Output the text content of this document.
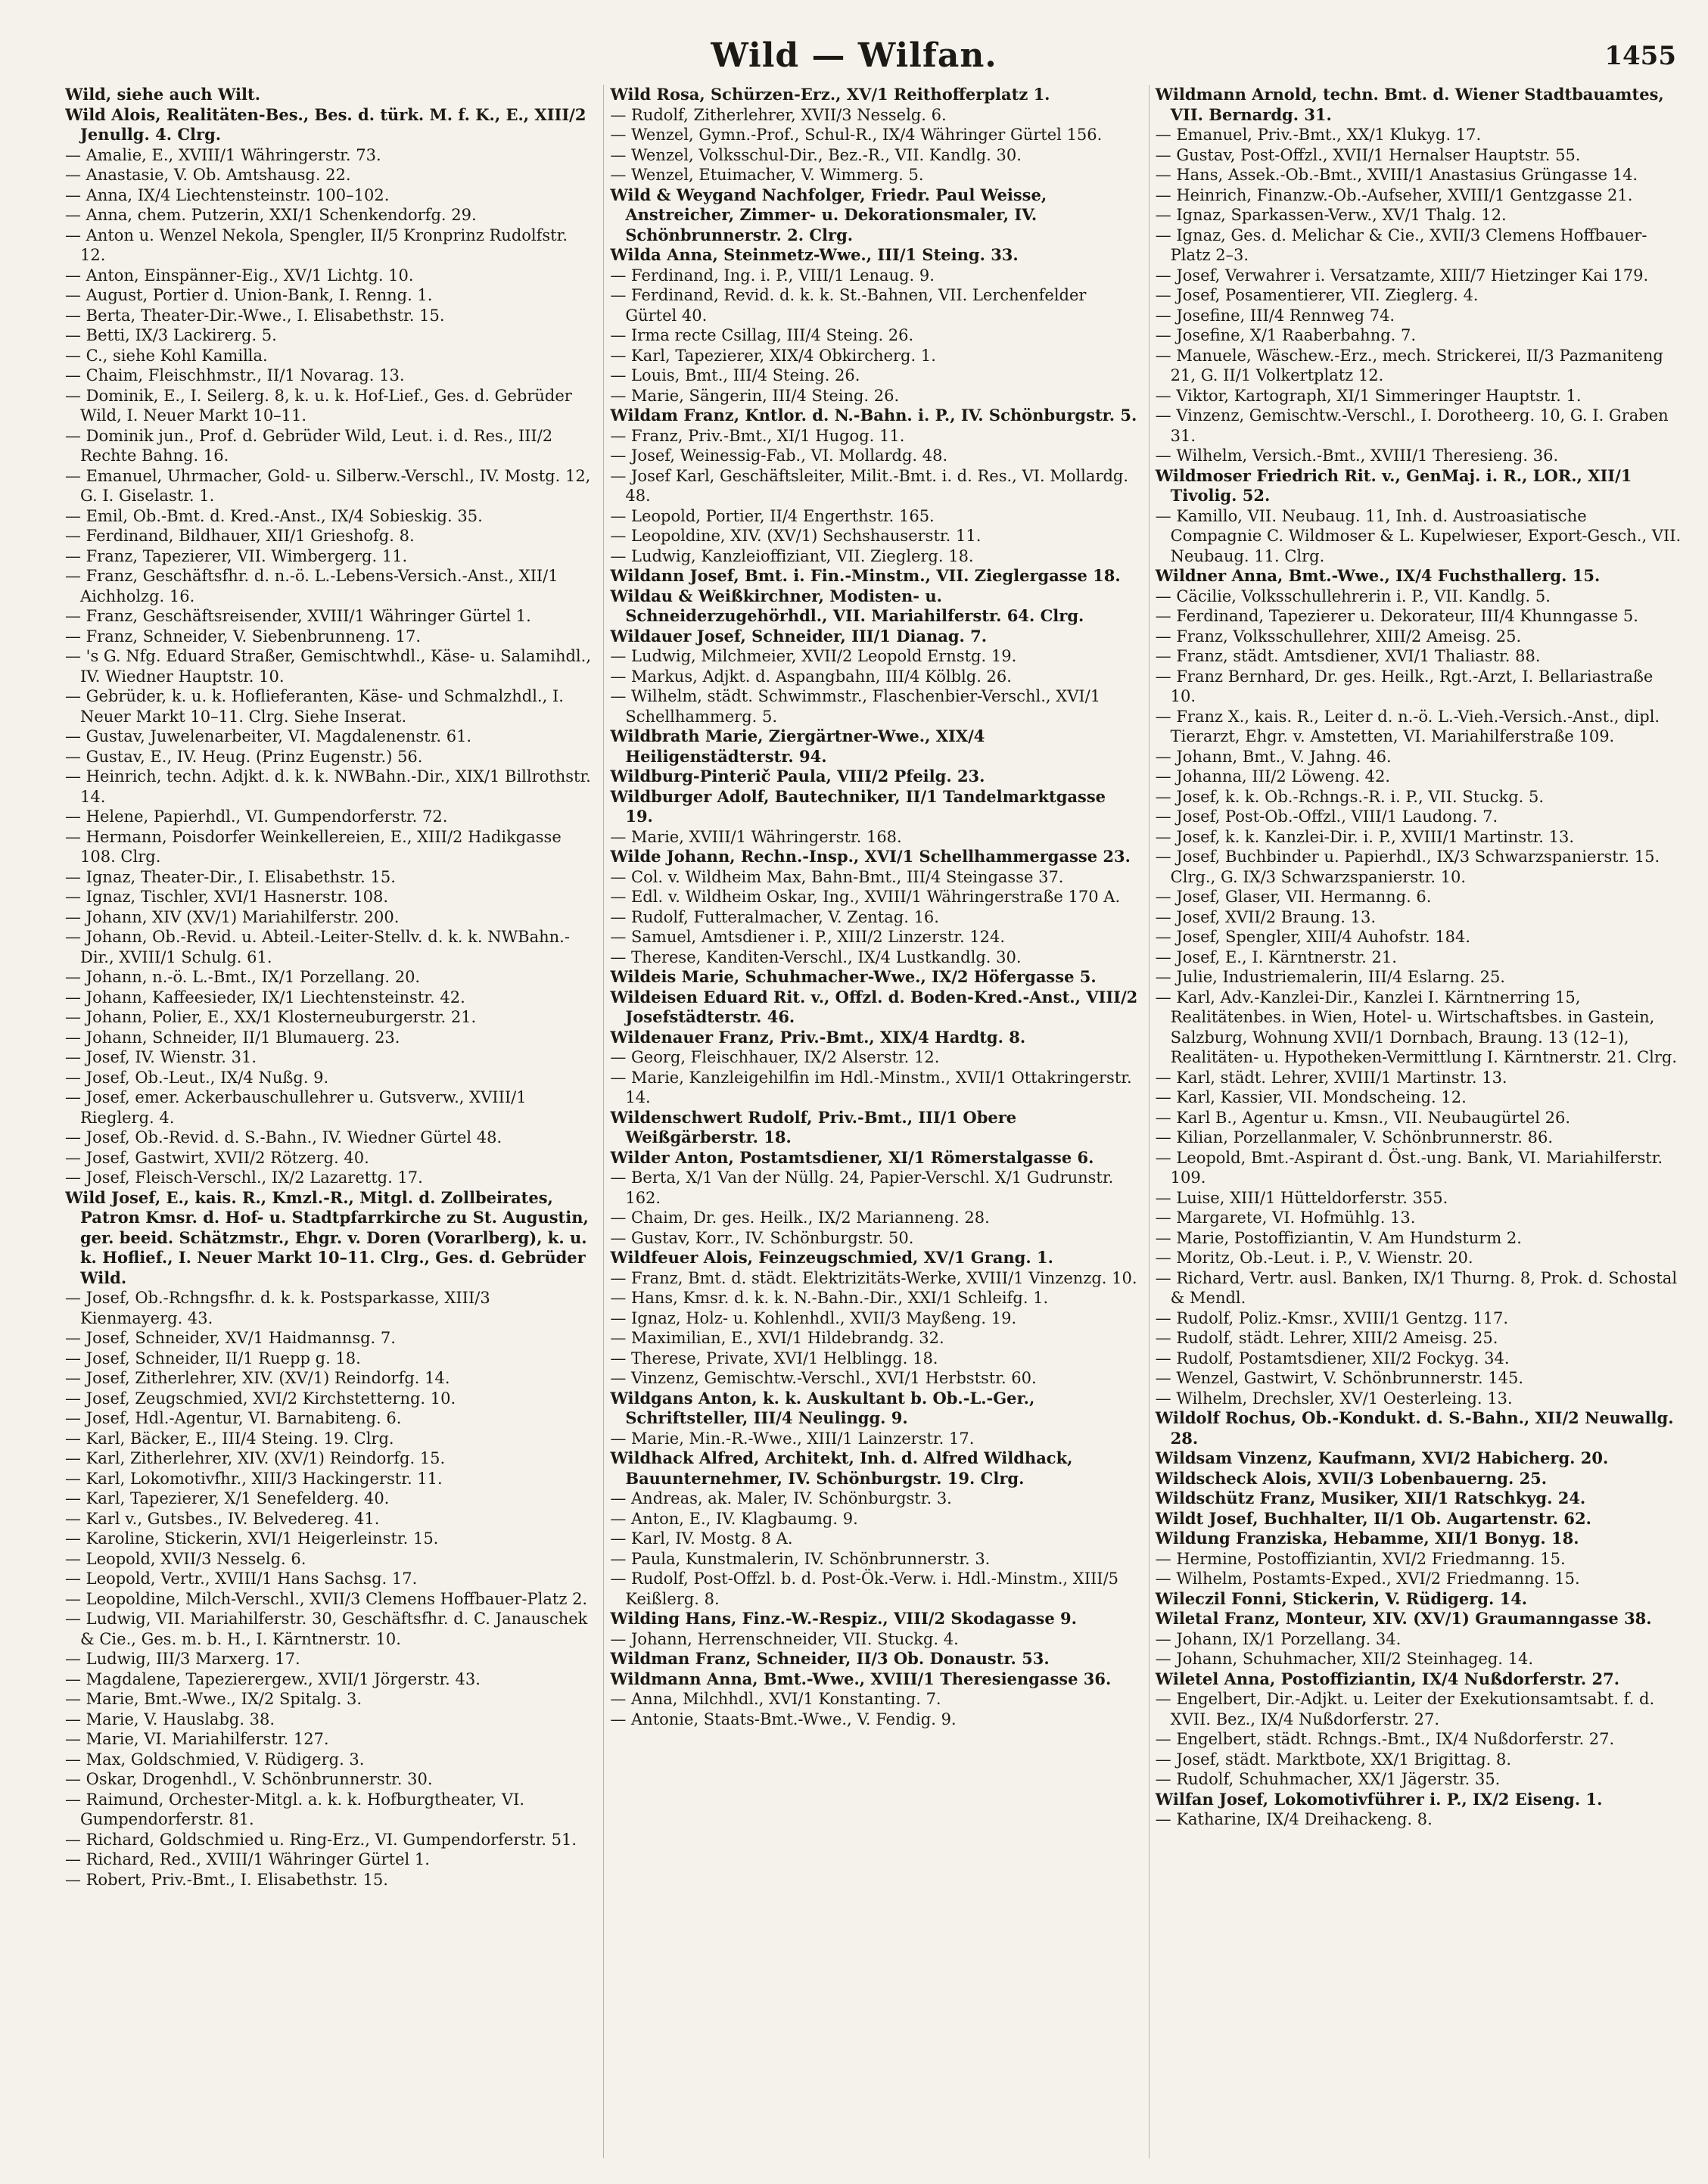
Wild — Wilfan.	1455

Wild, siehe auch Wilt.

Wild Alois, Realitäten-Bes., Bes. d. türk. M. f. K., E., XIII/2 Jenullg. 4. Clrg.

— Amalie, E., XVIII/1 Währingerstr. 73.

— Anastasie, V. Ob. Amtshausg. 22.

— Anna, IX/4 Liechtensteinstr. 100–102.

— Anna, chem. Putzerin, XXI/1 Schenkendorfg. 29.

— Anton u. Wenzel Nekola, Spengler, II/5 Kronprinz Rudolfstr. 12.

— Anton, Einspänner-Eig., XV/1 Lichtg. 10.

— August, Portier d. Union-Bank, I. Renng. 1.

— Berta, Theater-Dir.-Wwe., I. Elisabethstr. 15.

— Betti, IX/3 Lackirerg. 5.

— C., siehe Kohl Kamilla.

— Chaim, Fleischhmstr., II/1 Novarag. 13.

— Dominik, E., I. Seilerg. 8, k. u. k. Hof-Lief., Ges. d. Gebrüder Wild, I. Neuer Markt 10–11.

— Dominik jun., Prof. d. Gebrüder Wild, Leut. i. d. Res., III/2 Rechte Bahng. 16.

— Emanuel, Uhrmacher, Gold- u. Silberw.-Verschl., IV. Mostg. 12, G. I. Giselastr. 1.

— Emil, Ob.-Bmt. d. Kred.-Anst., IX/4 Sobieskig. 35.

— Ferdinand, Bildhauer, XII/1 Grieshofg. 8.

— Franz, Tapezierer, VII. Wimbergerg. 11.

— Franz, Geschäftsfhr. d. n.-ö. L.-Lebens-Versich.-Anst., XII/1 Aichholzg. 16.

— Franz, Geschäftsreisender, XVIII/1 Währinger Gürtel 1.

— Franz, Schneider, V. Siebenbrunneng. 17.

— 's G. Nfg. Eduard Straßer, Gemischtwhdl., Käse- u. Salamihdl., IV. Wiedner Hauptstr. 10.

— Gebrüder, k. u. k. Hoflieferanten, Käse- und Schmalzhdl., I. Neuer Markt 10–11. Clrg. Siehe Inserat.

— Gustav, Juwelenarbeiter, VI. Magdalenenstr. 61.

— Gustav, E., IV. Heug. (Prinz Eugenstr.) 56.

— Heinrich, techn. Adjkt. d. k. k. NWBahn.-Dir., XIX/1 Billrothstr. 14.

— Helene, Papierhdl., VI. Gumpendorferstr. 72.

— Hermann, Poisdorfer Weinkellereien, E., XIII/2 Hadikgasse 108. Clrg.

— Ignaz, Theater-Dir., I. Elisabethstr. 15.

— Ignaz, Tischler, XVI/1 Hasnerstr. 108.

— Johann, XIV (XV/1) Mariahilferstr. 200.

— Johann, Ob.-Revid. u. Abteil.-Leiter-Stellv. d. k. k. NWBahn.-Dir., XVIII/1 Schulg. 61.

— Johann, n.-ö. L.-Bmt., IX/1 Porzellang. 20.

— Johann, Kaffeesieder, IX/1 Liechtensteinstr. 42.

— Johann, Polier, E., XX/1 Klosterneuburgerstr. 21.

— Johann, Schneider, II/1 Blumauerg. 23.

— Josef, IV. Wienstr. 31.

— Josef, Ob.-Leut., IX/4 Nußg. 9.

— Josef, emer. Ackerbauschullehrer u. Gutsverw., XVIII/1 Rieglerg. 4.

— Josef, Ob.-Revid. d. S.-Bahn., IV. Wiedner Gürtel 48.

— Josef, Gastwirt, XVII/2 Rötzerg. 40.

— Josef, Fleisch-Verschl., IX/2 Lazarettg. 17.

Wild Josef, E., kais. R., Kmzl.-R., Mitgl. d. Zollbeirates, Patron Kmsr. d. Hof- u. Stadtpfarrkirche zu St. Augustin, ger. beeid. Schätzmstr., Ehgr. v. Doren (Vorarlberg), k. u. k. Hoflief., I. Neuer Markt 10–11. Clrg., Ges. d. Gebrüder Wild.

— Josef, Ob.-Rchngsfhr. d. k. k. Postsparkasse, XIII/3 Kienmayerg. 43.

— Josef, Schneider, XV/1 Haidmannsg. 7.

— Josef, Schneider, II/1 Ruepp g. 18.

— Josef, Zitherlehrer, XIV. (XV/1) Reindorfg. 14.

— Josef, Zeugschmied, XVI/2 Kirchstetterng. 10.

— Josef, Hdl.-Agentur, VI. Barnabiteng. 6.

— Karl, Bäcker, E., III/4 Steing. 19. Clrg.

— Karl, Zitherlehrer, XIV. (XV/1) Reindorfg. 15.

— Karl, Lokomotivfhr., XIII/3 Hackingerstr. 11.

— Karl, Tapezierer, X/1 Senefelderg. 40.

— Karl v., Gutsbes., IV. Belvedereg. 41.

— Karoline, Stickerin, XVI/1 Heigerleinstr. 15.

— Leopold, XVII/3 Nesselg. 6.

— Leopold, Vertr., XVIII/1 Hans Sachsg. 17.

— Leopoldine, Milch-Verschl., XVII/3 Clemens Hoffbauer-Platz 2.

— Ludwig, VII. Mariahilferstr. 30, Geschäftsfhr. d. C. Janauschek & Cie., Ges. m. b. H., I. Kärntnerstr. 10.

— Ludwig, III/3 Marxerg. 17.

— Magdalene, Tapezierergew., XVII/1 Jörgerstr. 43.

— Marie, Bmt.-Wwe., IX/2 Spitalg. 3.

— Marie, V. Hauslabg. 38.

— Marie, VI. Mariahilferstr. 127.

— Max, Goldschmied, V. Rüdigerg. 3.

— Oskar, Drogenhdl., V. Schönbrunnerstr. 30.

— Raimund, Orchester-Mitgl. a. k. k. Hofburgtheater, VI. Gumpendorferstr. 81.

— Richard, Goldschmied u. Ring-Erz., VI. Gumpendorferstr. 51.

— Richard, Red., XVIII/1 Währinger Gürtel 1.

— Robert, Priv.-Bmt., I. Elisabethstr. 15.

Wild Rosa, Schürzen-Erz., XV/1 Reithofferplatz 1.

— Rudolf, Zitherlehrer, XVII/3 Nesselg. 6.

— Wenzel, Gymn.-Prof., Schul-R., IX/4 Währinger Gürtel 156.

— Wenzel, Volksschul-Dir., Bez.-R., VII. Kandlg. 30.

— Wenzel, Etuimacher, V. Wimmerg. 5.

Wild & Weygand Nachfolger, Friedr. Paul Weisse, Anstreicher, Zimmer- u. Dekorationsmaler, IV. Schönbrunnerstr. 2. Clrg.

Wilda Anna, Steinmetz-Wwe., III/1 Steing. 33.

— Ferdinand, Ing. i. P., VIII/1 Lenaug. 9.

— Ferdinand, Revid. d. k. k. St.-Bahnen, VII. Lerchenfelder Gürtel 40.

— Irma recte Csillag, III/4 Steing. 26.

— Karl, Tapezierer, XIX/4 Obkircherg. 1.

— Louis, Bmt., III/4 Steing. 26.

— Marie, Sängerin, III/4 Steing. 26.

Wildam Franz, Kntlor. d. N.-Bahn. i. P., IV. Schönburgstr. 5.

— Franz, Priv.-Bmt., XI/1 Hugog. 11.

— Josef, Weinessig-Fab., VI. Mollardg. 48.

— Josef Karl, Geschäftsleiter, Milit.-Bmt. i. d. Res., VI. Mollardg. 48.

— Leopold, Portier, II/4 Engerthstr. 165.

— Leopoldine, XIV. (XV/1) Sechshauserstr. 11.

— Ludwig, Kanzleioffiziant, VII. Zieglerg. 18.

Wildann Josef, Bmt. i. Fin.-Minstm., VII. Zieglergasse 18.

Wildau & Weißkirchner, Modisten- u. Schneiderzugehörhdl., VII. Mariahilferstr. 64. Clrg.

Wildauer Josef, Schneider, III/1 Dianag. 7.

— Ludwig, Milchmeier, XVII/2 Leopold Ernstg. 19.

— Markus, Adjkt. d. Aspangbahn, III/4 Kölblg. 26.

— Wilhelm, städt. Schwimmstr., Flaschenbier-Verschl., XVI/1 Schellhammerg. 5.

Wildbrath Marie, Ziergärtner-Wwe., XIX/4 Heiligenstädterstr. 94.

Wildburg-Pinterič Paula, VIII/2 Pfeilg. 23.

Wildburger Adolf, Bautechniker, II/1 Tandelmarktgasse 19.

— Marie, XVIII/1 Währingerstr. 168.

Wilde Johann, Rechn.-Insp., XVI/1 Schellhammergasse 23.

— Col. v. Wildheim Max, Bahn-Bmt., III/4 Steingasse 37.

— Edl. v. Wildheim Oskar, Ing., XVIII/1 Währingerstraße 170 A.

— Rudolf, Futteralmacher, V. Zentag. 16.

— Samuel, Amtsdiener i. P., XIII/2 Linzerstr. 124.

— Therese, Kanditen-Verschl., IX/4 Lustkandlg. 30.

Wildeis Marie, Schuhmacher-Wwe., IX/2 Höfergasse 5.

Wildeisen Eduard Rit. v., Offzl. d. Boden-Kred.-Anst., VIII/2 Josefstädterstr. 46.

Wildenauer Franz, Priv.-Bmt., XIX/4 Hardtg. 8.

— Georg, Fleischhauer, IX/2 Alserstr. 12.

— Marie, Kanzleigehilfin im Hdl.-Minstm., XVII/1 Ottakringerstr. 14.

Wildenschwert Rudolf, Priv.-Bmt., III/1 Obere Weißgärberstr. 18.

Wilder Anton, Postamtsdiener, XI/1 Römerstalgasse 6.

— Berta, X/1 Van der Nüllg. 24, Papier-Verschl. X/1 Gudrunstr. 162.

— Chaim, Dr. ges. Heilk., IX/2 Marianneng. 28.

— Gustav, Korr., IV. Schönburgstr. 50.

Wildfeuer Alois, Feinzeugschmied, XV/1 Grang. 1.

— Franz, Bmt. d. städt. Elektrizitäts-Werke, XVIII/1 Vinzenzg. 10.

— Hans, Kmsr. d. k. k. N.-Bahn.-Dir., XXI/1 Schleifg. 1.

— Ignaz, Holz- u. Kohlenhdl., XVII/3 Mayßeng. 19.

— Maximilian, E., XVI/1 Hildebrandg. 32.

— Therese, Private, XVI/1 Helblingg. 18.

— Vinzenz, Gemischtw.-Verschl., XVI/1 Herbststr. 60.

Wildgans Anton, k. k. Auskultant b. Ob.-L.-Ger., Schriftsteller, III/4 Neulingg. 9.

— Marie, Min.-R.-Wwe., XIII/1 Lainzerstr. 17.

Wildhack Alfred, Architekt, Inh. d. Alfred Wildhack, Bauunternehmer, IV. Schönburgstr. 19. Clrg.

— Andreas, ak. Maler, IV. Schönburgstr. 3.

— Anton, E., IV. Klagbaumg. 9.

— Karl, IV. Mostg. 8 A.

— Paula, Kunstmalerin, IV. Schönbrunnerstr. 3.

— Rudolf, Post-Offzl. b. d. Post-Ök.-Verw. i. Hdl.-Minstm., XIII/5 Keißlerg. 8.

Wilding Hans, Finz.-W.-Respiz., VIII/2 Skodagasse 9.

— Johann, Herrenschneider, VII. Stuckg. 4.

Wildman Franz, Schneider, II/3 Ob. Donaustr. 53.

Wildmann Anna, Bmt.-Wwe., XVIII/1 Theresiengasse 36.

— Anna, Milchhdl., XVI/1 Konstanting. 7.

— Antonie, Staats-Bmt.-Wwe., V. Fendig. 9.

Wildmann Arnold, techn. Bmt. d. Wiener Stadtbauamtes, VII. Bernardg. 31.

— Emanuel, Priv.-Bmt., XX/1 Klukyg. 17.

— Gustav, Post-Offzl., XVII/1 Hernalser Hauptstr. 55.

— Hans, Assek.-Ob.-Bmt., XVIII/1 Anastasius Grüngasse 14.

— Heinrich, Finanzw.-Ob.-Aufseher, XVIII/1 Gentzgasse 21.

— Ignaz, Sparkassen-Verw., XV/1 Thalg. 12.

— Ignaz, Ges. d. Melichar & Cie., XVII/3 Clemens Hoffbauer-Platz 2–3.

— Josef, Verwahrer i. Versatzamte, XIII/7 Hietzinger Kai 179.

— Josef, Posamentierer, VII. Zieglerg. 4.

— Josefine, III/4 Rennweg 74.

— Josefine, X/1 Raaberbahng. 7.

— Manuele, Wäschew.-Erz., mech. Strickerei, II/3 Pazmaniteng 21, G. II/1 Volkertplatz 12.

— Viktor, Kartograph, XI/1 Simmeringer Hauptstr. 1.

— Vinzenz, Gemischtw.-Verschl., I. Dorotheerg. 10, G. I. Graben 31.

— Wilhelm, Versich.-Bmt., XVIII/1 Theresieng. 36.

Wildmoser Friedrich Rit. v., GenMaj. i. R., LOR., XII/1 Tivolig. 52.

— Kamillo, VII. Neubaug. 11, Inh. d. Austroasiatische Compagnie C. Wildmoser & L. Kupelwieser, Export-Gesch., VII. Neubaug. 11. Clrg.

Wildner Anna, Bmt.-Wwe., IX/4 Fuchsthallerg. 15.

— Cäcilie, Volksschullehrerin i. P., VII. Kandlg. 5.

— Ferdinand, Tapezierer u. Dekorateur, III/4 Khunngasse 5.

— Franz, Volksschullehrer, XIII/2 Ameisg. 25.

— Franz, städt. Amtsdiener, XVI/1 Thaliastr. 88.

— Franz Bernhard, Dr. ges. Heilk., Rgt.-Arzt, I. Bellariastraße 10.

— Franz X., kais. R., Leiter d. n.-ö. L.-Vieh.-Versich.-Anst., dipl. Tierarzt, Ehgr. v. Amstetten, VI. Mariahilferstraße 109.

— Johann, Bmt., V. Jahng. 46.

— Johanna, III/2 Löweng. 42.

— Josef, k. k. Ob.-Rchngs.-R. i. P., VII. Stuckg. 5.

— Josef, Post-Ob.-Offzl., VIII/1 Laudong. 7.

— Josef, k. k. Kanzlei-Dir. i. P., XVIII/1 Martinstr. 13.

— Josef, Buchbinder u. Papierhdl., IX/3 Schwarzspanierstr. 15. Clrg., G. IX/3 Schwarzspanierstr. 10.

— Josef, Glaser, VII. Hermanng. 6.

— Josef, XVII/2 Braung. 13.

— Josef, Spengler, XIII/4 Auhofstr. 184.

— Josef, E., I. Kärntnerstr. 21.

— Julie, Industriemalerin, III/4 Eslarng. 25.

— Karl, Adv.-Kanzlei-Dir., Kanzlei I. Kärntnerring 15, Realitätenbes. in Wien, Hotel- u. Wirtschaftsbes. in Gastein, Salzburg, Wohnung XVII/1 Dornbach, Braung. 13 (12–1), Realitäten- u. Hypotheken-Vermittlung I. Kärntnerstr. 21. Clrg.

— Karl, städt. Lehrer, XVIII/1 Martinstr. 13.

— Karl, Kassier, VII. Mondscheing. 12.

— Karl B., Agentur u. Kmsn., VII. Neubaugürtel 26.

— Kilian, Porzellanmaler, V. Schönbrunnerstr. 86.

— Leopold, Bmt.-Aspirant d. Öst.-ung. Bank, VI. Mariahilferstr. 109.

— Luise, XIII/1 Hütteldorferstr. 355.

— Margarete, VI. Hofmühlg. 13.

— Marie, Postoffiziantin, V. Am Hundsturm 2.

— Moritz, Ob.-Leut. i. P., V. Wienstr. 20.

— Richard, Vertr. ausl. Banken, IX/1 Thurng. 8, Prok. d. Schostal & Mendl.

— Rudolf, Poliz.-Kmsr., XVIII/1 Gentzg. 117.

— Rudolf, städt. Lehrer, XIII/2 Ameisg. 25.

— Rudolf, Postamtsdiener, XII/2 Fockyg. 34.

— Wenzel, Gastwirt, V. Schönbrunnerstr. 145.

— Wilhelm, Drechsler, XV/1 Oesterleing. 13.

Wildolf Rochus, Ob.-Kondukt. d. S.-Bahn., XII/2 Neuwallg. 28.

Wildsam Vinzenz, Kaufmann, XVI/2 Habicherg. 20.

Wildscheck Alois, XVII/3 Lobenbauerng. 25.

Wildschütz Franz, Musiker, XII/1 Ratschkyg. 24.

Wildt Josef, Buchhalter, II/1 Ob. Augartenstr. 62.

Wildung Franziska, Hebamme, XII/1 Bonyg. 18.

— Hermine, Postoffiziantin, XVI/2 Friedmanng. 15.

— Wilhelm, Postamts-Exped., XVI/2 Friedmanng. 15.

Wileczil Fonni, Stickerin, V. Rüdigerg. 14.

Wiletal Franz, Monteur, XIV. (XV/1) Graumanngasse 38.

— Johann, IX/1 Porzellang. 34.

— Johann, Schuhmacher, XII/2 Steinhageg. 14.

Wiletel Anna, Postoffiziantin, IX/4 Nußdorferstr. 27.

— Engelbert, Dir.-Adjkt. u. Leiter der Exekutionsamtsabt. f. d. XVII. Bez., IX/4 Nußdorferstr. 27.

— Engelbert, städt. Rchngs.-Bmt., IX/4 Nußdorferstr. 27.

— Josef, städt. Marktbote, XX/1 Brigittag. 8.

— Rudolf, Schuhmacher, XX/1 Jägerstr. 35.

Wilfan Josef, Lokomotivführer i. P., IX/2 Eiseng. 1.

— Katharine, IX/4 Dreihackeng. 8.
